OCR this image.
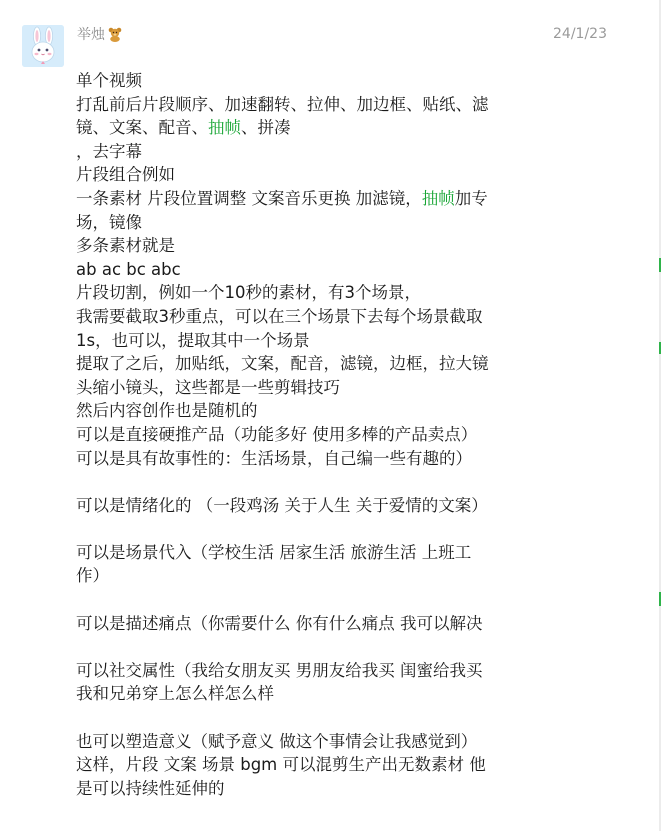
举烛	24/1/23
单个视频
打乱前后片段顺序、加速翻转、拉伸、加边框、贴纸、滤
镜、文案、配音、抽帧、拼凑
，去字幕
片段组合例如
一条素材 片段位置调整 文案音乐更换 加滤镜，抽帧加专
场，镜像
多条素材就是
ab ac bc abc
片段切割，例如一个10秒的素材，有3个场景，
我需要截取3秒重点，可以在三个场景下去每个场景截取
1s，也可以，提取其中一个场景
提取了之后，加贴纸，文案，配音，滤镜，边框，拉大镜
头缩小镜头，这些都是一些剪辑技巧
然后内容创作也是随机的
可以是直接硬推产品（功能多好 使用多棒的产品卖点）
可以是具有故事性的：生活场景，自己编一些有趣的）
可以是情绪化的 （一段鸡汤 关于人生 关于爱情的文案）
可以是场景代入（学校生活 居家生活 旅游生活 上班工
作）
可以是描述痛点（你需要什么 你有什么痛点 我可以解决
可以社交属性（我给女朋友买 男朋友给我买 闺蜜给我买
我和兄弟穿上怎么样怎么样
也可以塑造意义（赋予意义 做这个事情会让我感觉到）
这样，片段 文案 场景 bgm 可以混剪生产出无数素材 他
是可以持续性延伸的
